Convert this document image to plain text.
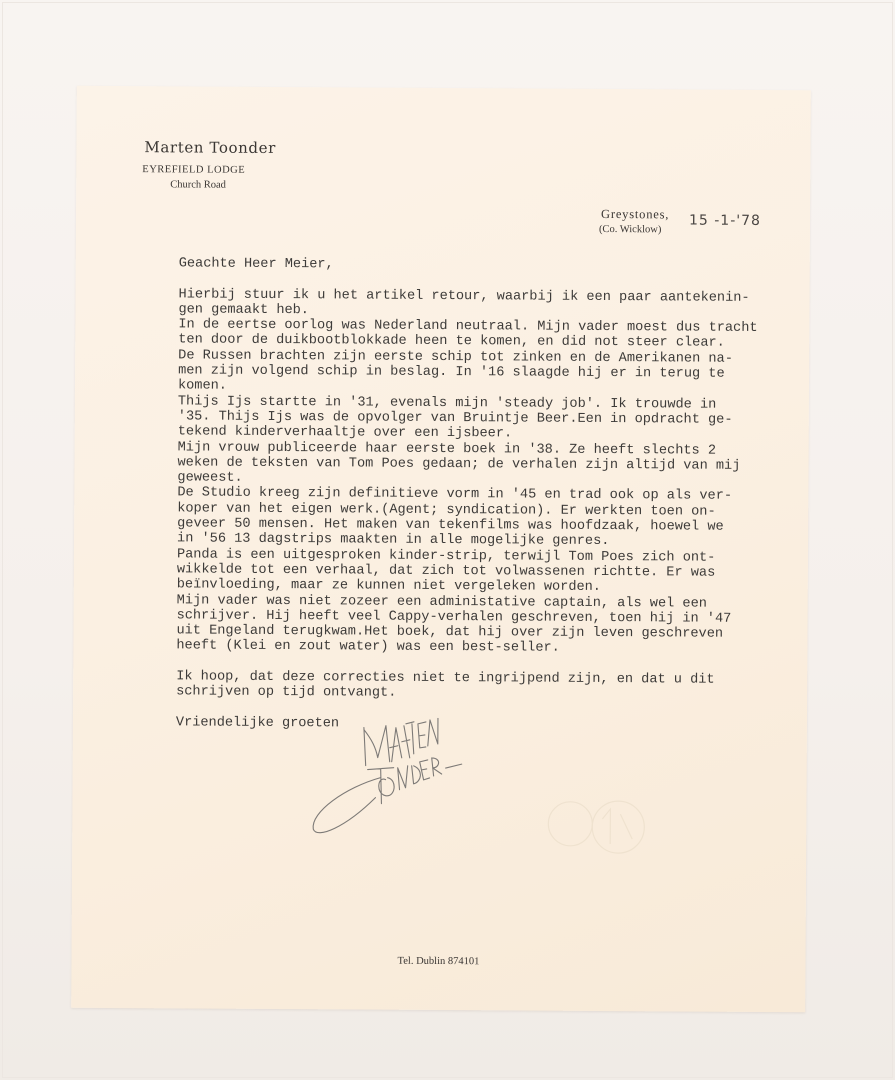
Marten Toonder
EYREFIELD LODGE
Church Road
Greystones,
(Co. Wicklow)
15 -1-'78
Geachte Heer Meier,
Hierbij stuur ik u het artikel retour, waarbij ik een paar aantekenin-
gen gemaakt heb.
In de eertse oorlog was Nederland neutraal. Mijn vader moest dus tracht
ten door de duikbootblokkade heen te komen, en did not steer clear.
De Russen brachten zijn eerste schip tot zinken en de Amerikanen na-
men zijn volgend schip in beslag. In '16 slaagde hij er in terug te
komen.
Thijs Ijs startte in '31, evenals mijn 'steady job'. Ik trouwde in
'35. Thijs Ijs was de opvolger van Bruintje Beer.Een in opdracht ge-
tekend kinderverhaaltje over een ijsbeer.
Mijn vrouw publiceerde haar eerste boek in '38. Ze heeft slechts 2
weken de teksten van Tom Poes gedaan; de verhalen zijn altijd van mij
geweest.
De Studio kreeg zijn definitieve vorm in '45 en trad ook op als ver-
koper van het eigen werk.(Agent; syndication). Er werkten toen on-
geveer 50 mensen. Het maken van tekenfilms was hoofdzaak, hoewel we
in '56 13 dagstrips maakten in alle mogelijke genres.
Panda is een uitgesproken kinder-strip, terwijl Tom Poes zich ont-
wikkelde tot een verhaal, dat zich tot volwassenen richtte. Er was
beïnvloeding, maar ze kunnen niet vergeleken worden.
Mijn vader was niet zozeer een administative captain, als wel een
schrijver. Hij heeft veel Cappy-verhalen geschreven, toen hij in '47
uit Engeland terugkwam.Het boek, dat hij over zijn leven geschreven
heeft (Klei en zout water) was een best-seller.
Ik hoop, dat deze correcties niet te ingrijpend zijn, en dat u dit
schrijven op tijd ontvangt.
Vriendelijke groeten
Tel. Dublin 874101
